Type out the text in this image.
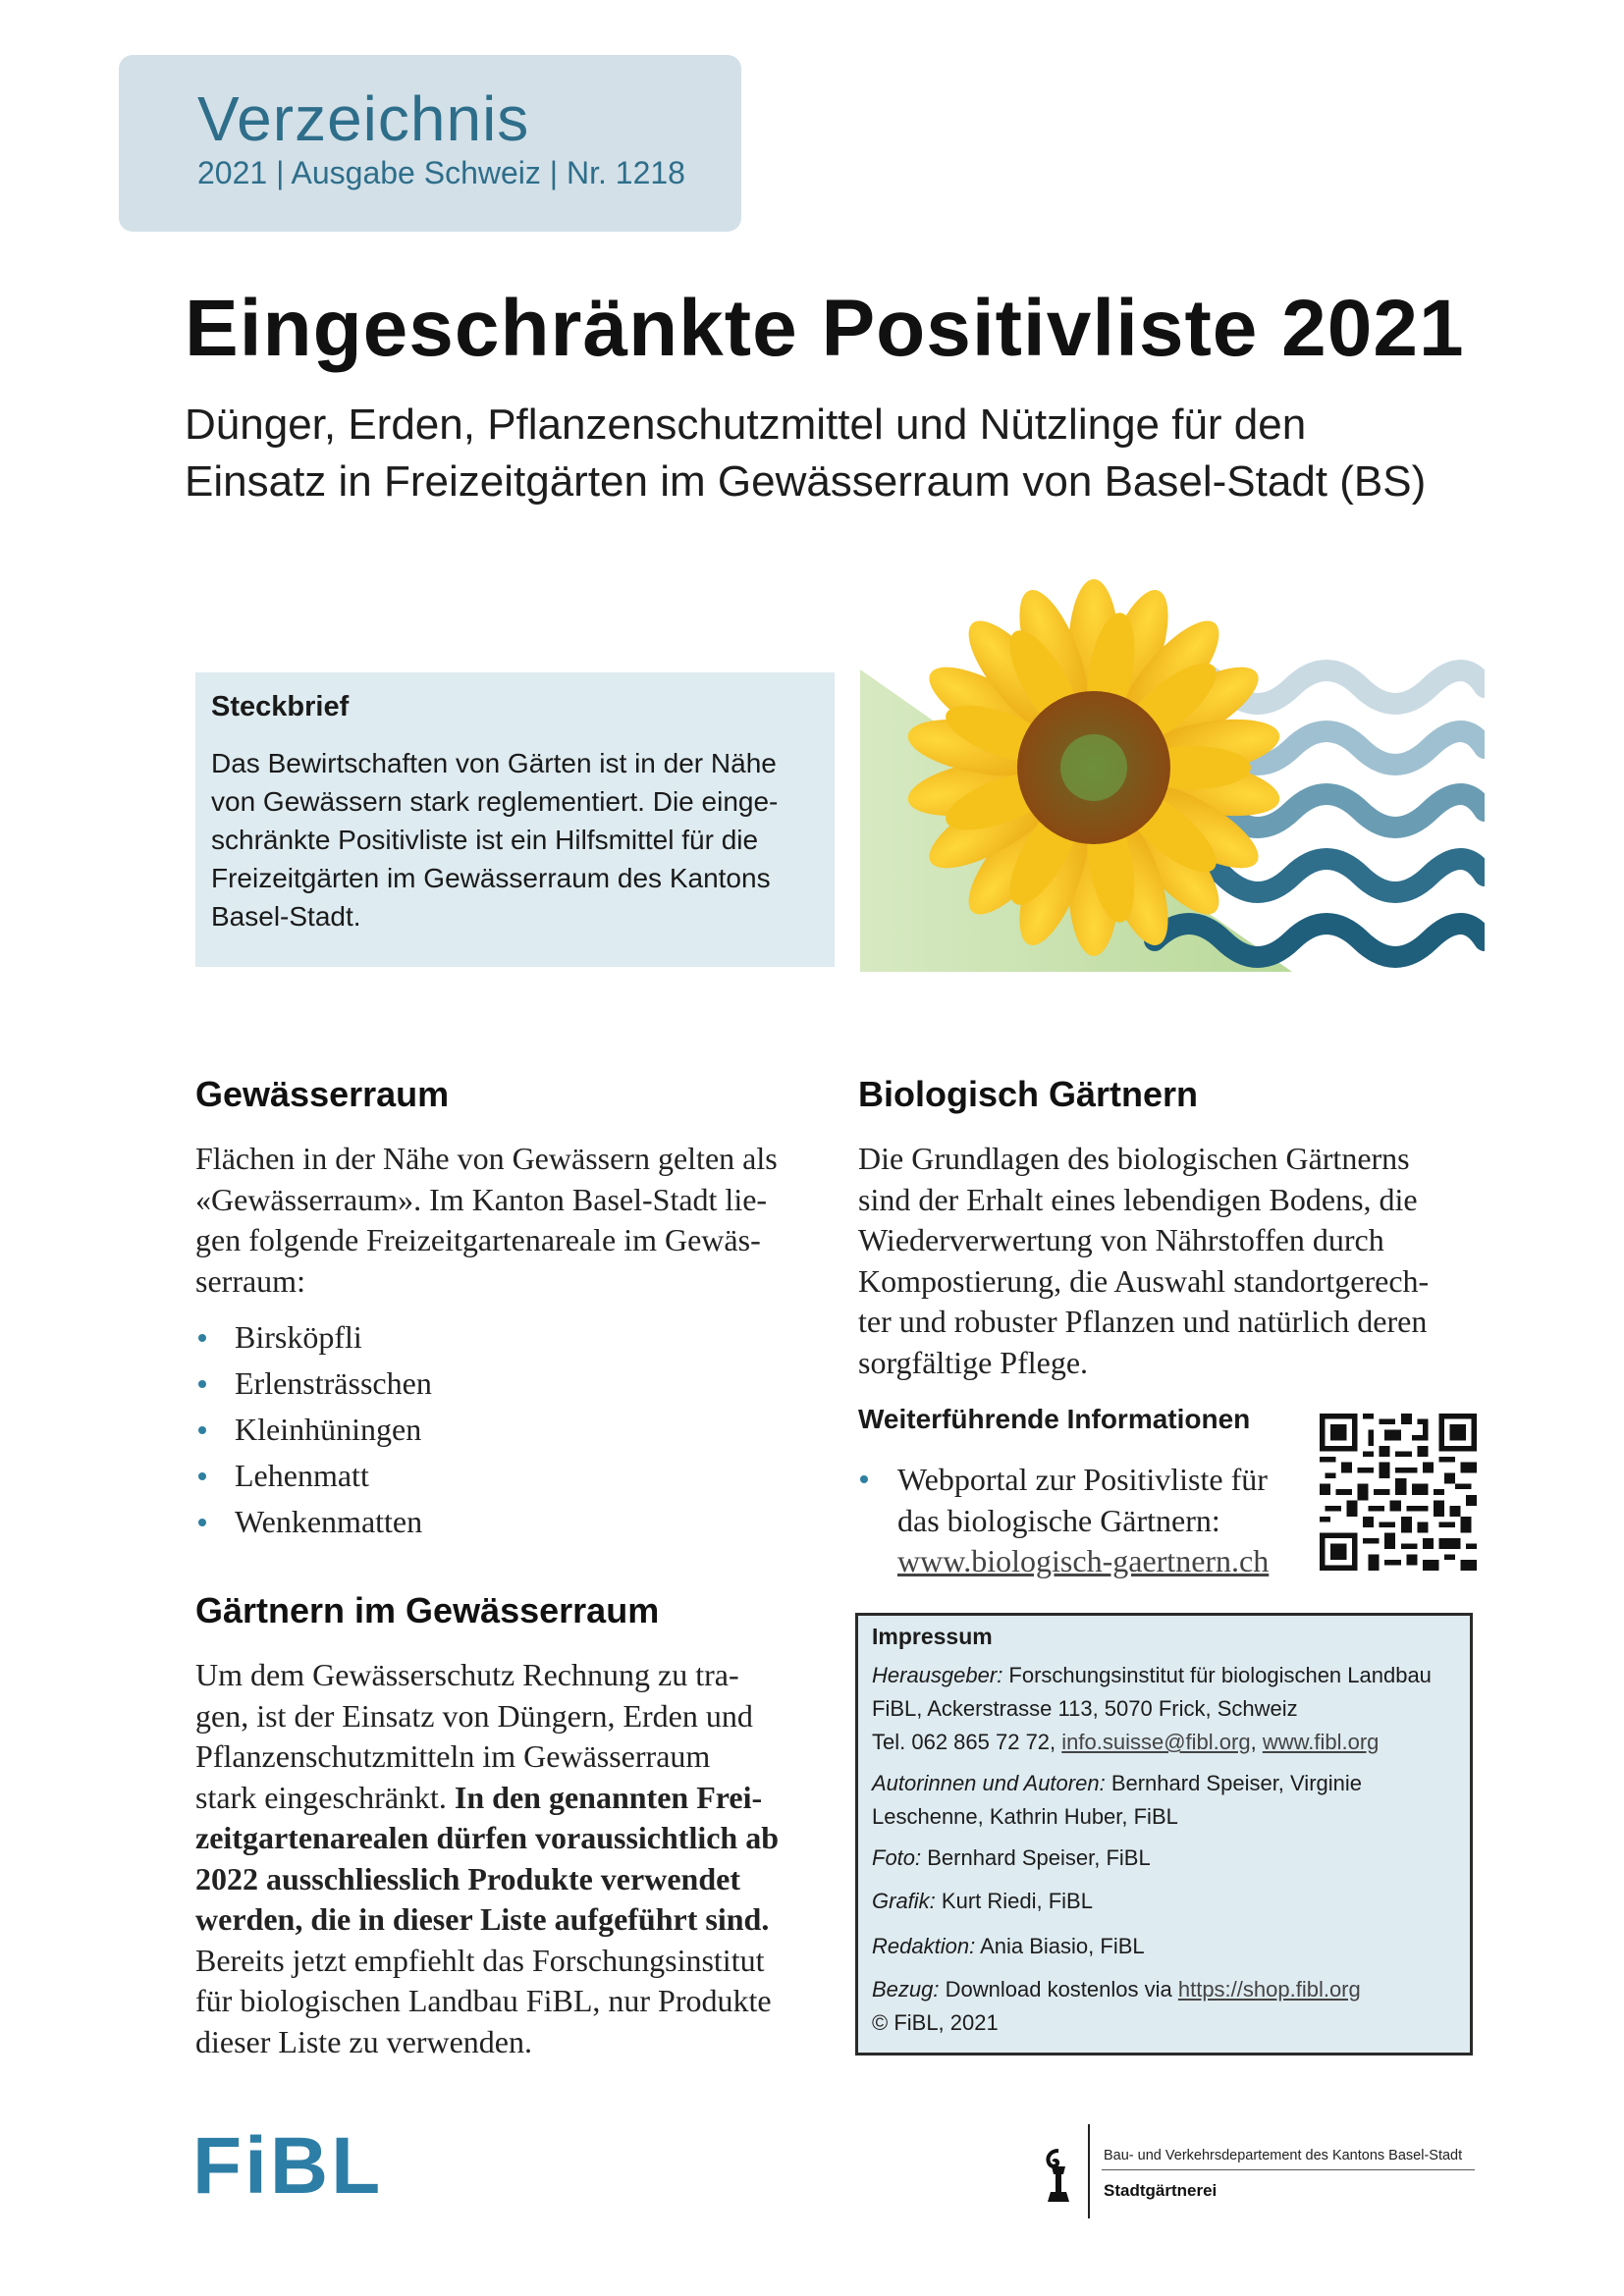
Verzeichnis
2021 | Ausgabe Schweiz | Nr. 1218
Eingeschränkte Positivliste 2021
Dünger, Erden, Pflanzenschutzmittel und Nützlinge für den
Einsatz in Freizeitgärten im Gewässerraum von Basel-Stadt (BS)
Steckbrief
Das Bewirtschaften von Gärten ist in der Nähe
von Gewässern stark reglementiert. Die einge-
schränkte Positivliste ist ein Hilfsmittel für die
Freizeitgärten im Gewässerraum des Kantons
Basel-Stadt.
Gewässerraum
Flächen in der Nähe von Gewässern gelten als
«Gewässerraum». Im Kanton Basel-Stadt lie-
gen folgende Freizeitgartenareale im Gewäs-
serraum:
Birsköpfli
Erlensträsschen
Kleinhüningen
Lehenmatt
Wenkenmatten
Gärtnern im Gewässerraum
Um dem Gewässerschutz Rechnung zu tra-
gen, ist der Einsatz von Düngern, Erden und
Pflanzenschutzmitteln im Gewässerraum
stark eingeschränkt. In den genannten Frei-
zeitgartenarealen dürfen voraussichtlich ab
2022 ausschliesslich Produkte verwendet
werden, die in dieser Liste aufgeführt sind.
Bereits jetzt empfiehlt das Forschungsinstitut
für biologischen Landbau FiBL, nur Produkte
dieser Liste zu verwenden.
Biologisch Gärtnern
Die Grundlagen des biologischen Gärtnerns
sind der Erhalt eines lebendigen Bodens, die
Wiederverwertung von Nährstoffen durch
Kompostierung, die Auswahl standortgerech-
ter und robuster Pflanzen und natürlich deren
sorgfältige Pflege.
Weiterführende Informationen
Webportal zur Positivliste für
das biologische Gärtnern:
www.biologisch-gaertnern.ch
Impressum
Herausgeber: Forschungsinstitut für biologischen Landbau
FiBL, Ackerstrasse 113, 5070 Frick, Schweiz
Tel. 062 865 72 72, info.suisse@fibl.org, www.fibl.org
Autorinnen und Autoren: Bernhard Speiser, Virginie
Leschenne, Kathrin Huber, FiBL
Foto: Bernhard Speiser, FiBL
Grafik: Kurt Riedi, FiBL
Redaktion: Ania Biasio, FiBL
Bezug: Download kostenlos via https://shop.fibl.org
© FiBL, 2021
FiBL	Bau- und Verkehrsdepartement des Kantons Basel-Stadt
Stadtgärtnerei
